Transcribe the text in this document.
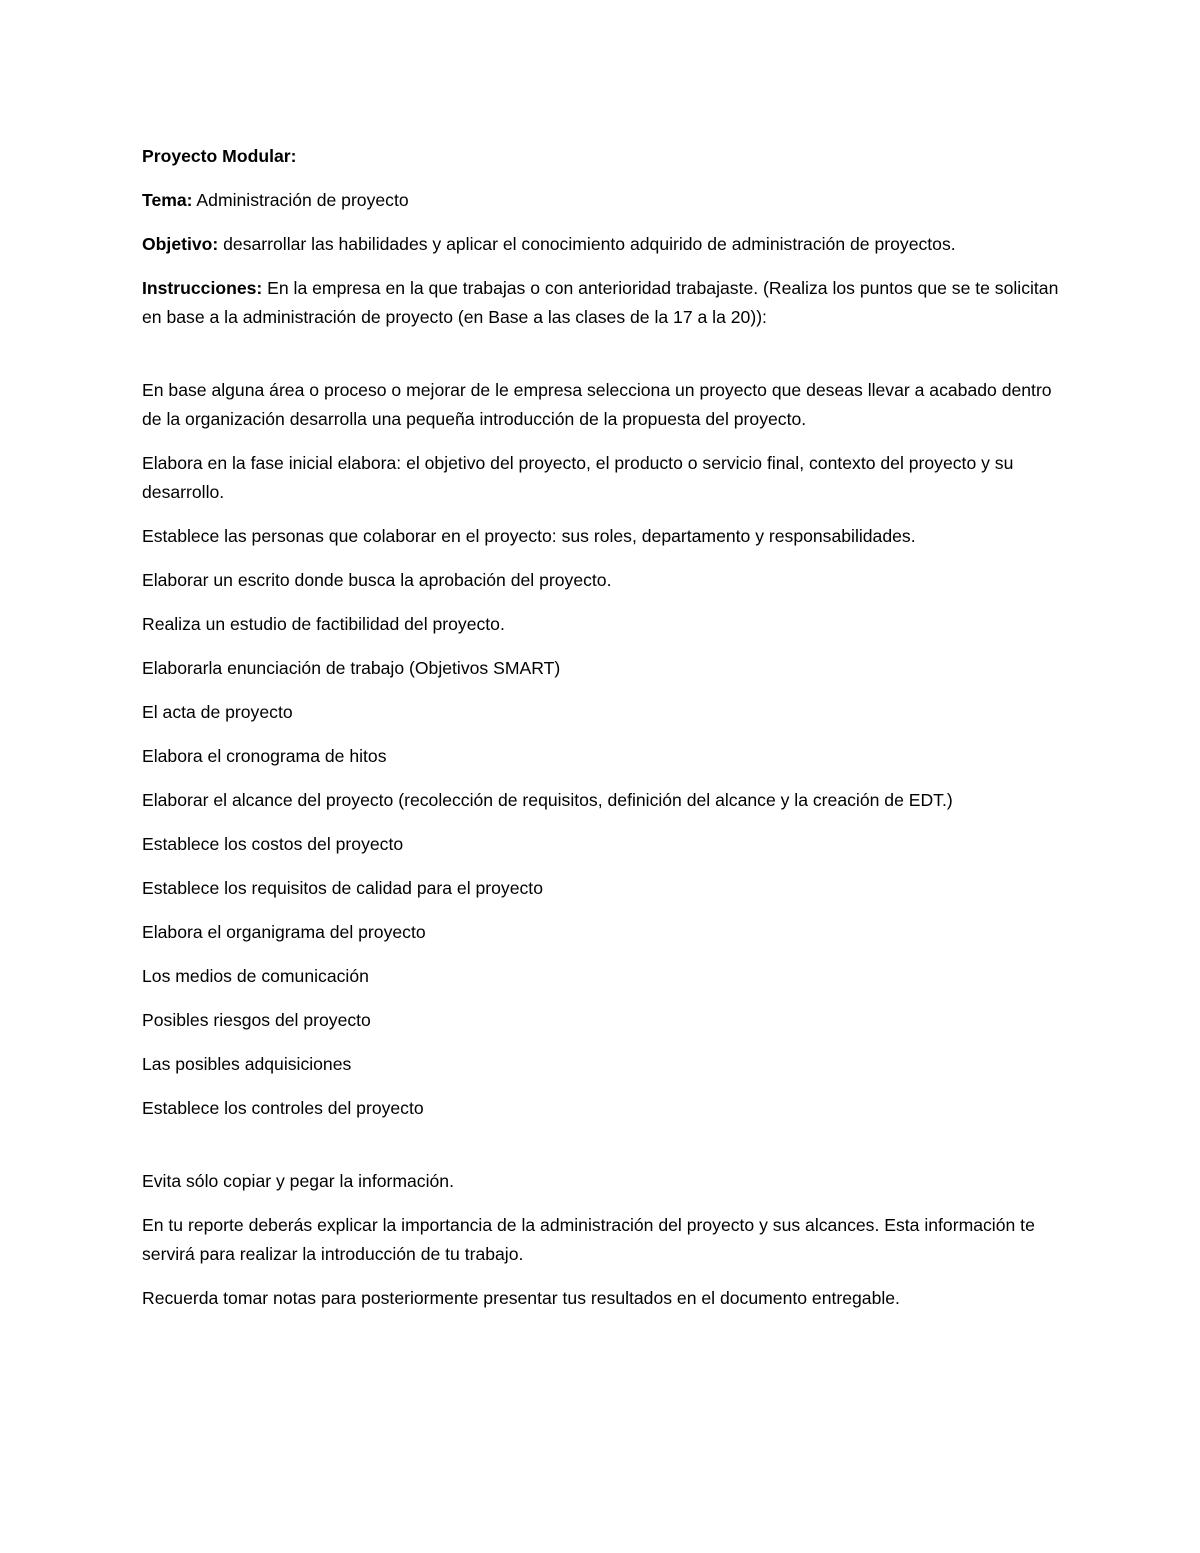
Proyecto Modular:

Tema: Administración de proyecto

Objetivo: desarrollar las habilidades y aplicar el conocimiento adquirido de administración de proyectos.

Instrucciones: En la empresa en la que trabajas o con anterioridad trabajaste. (Realiza los puntos que se te solicitan en base a la administración de proyecto (en Base a las clases de la 17 a la 20)):

En base alguna área o proceso o mejorar de le empresa selecciona un proyecto que deseas llevar a acabado dentro de la organización desarrolla una pequeña introducción de la propuesta del proyecto.

Elabora en la fase inicial elabora: el objetivo del proyecto, el producto o servicio final, contexto del proyecto y su desarrollo.

Establece las personas que colaborar en el proyecto: sus roles, departamento y responsabilidades.

Elaborar un escrito donde busca la aprobación del proyecto.

Realiza un estudio de factibilidad del proyecto.

Elaborarla enunciación de trabajo (Objetivos SMART)

El acta de proyecto

Elabora el cronograma de hitos

Elaborar el alcance del proyecto (recolección de requisitos, definición del alcance y la creación de EDT.)

Establece los costos del proyecto

Establece los requisitos de calidad para el proyecto

Elabora el organigrama del proyecto

Los medios de comunicación

Posibles riesgos del proyecto

Las posibles adquisiciones

Establece los controles del proyecto

Evita sólo copiar y pegar la información.

En tu reporte deberás explicar la importancia de la administración del proyecto y sus alcances. Esta información te servirá para realizar la introducción de tu trabajo.

Recuerda tomar notas para posteriormente presentar tus resultados en el documento entregable.
